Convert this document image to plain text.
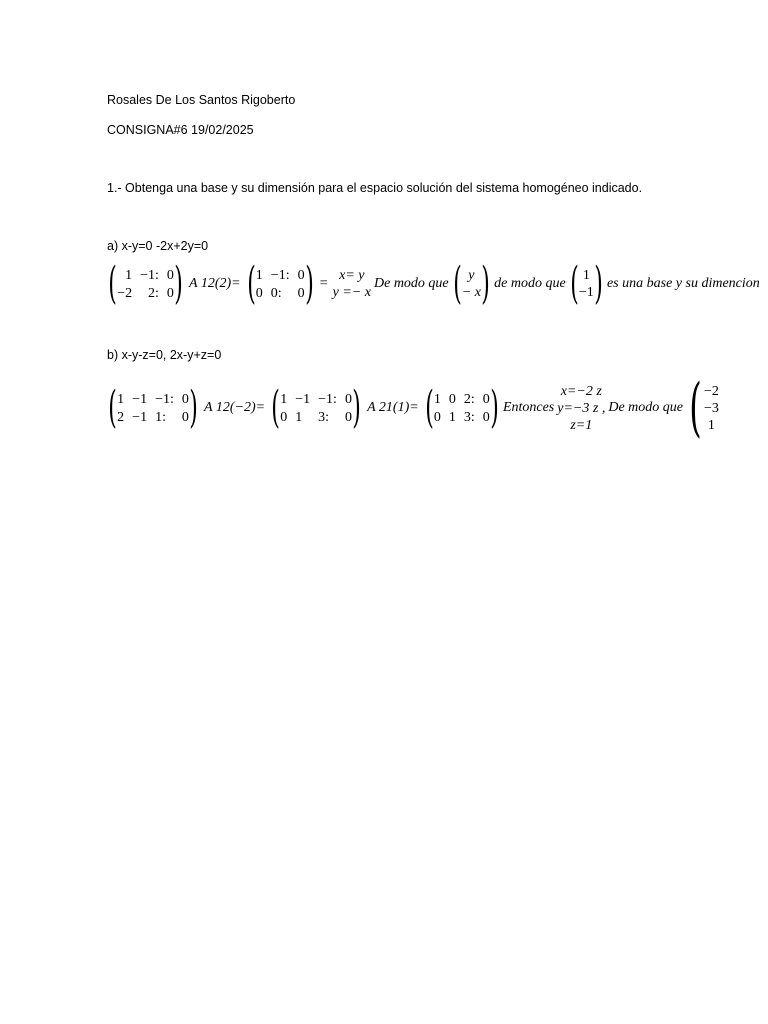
Rosales De Los Santos Rigoberto
CONSIGNA#6 19/02/2025
1.- Obtenga una base y su dimensión para el espacio solución del sistema homogéneo indicado.
a) x-y=0 -2x+2y=0
( 1 −1: 0
−2	2: 0 ) A 12(2)= ( 1 −1: 0
0 0:	0 ) =
x= y
y =− x
De modo que ( y
− x ) de modo que ( 1
−1 ) es una base y su dimencion
b) x-y-z=0, 2x-y+z=0
( 1 −1 −1: 0
2 −1 1:	0 ) A 12(−2)= ( 1 −1 −1: 0
0 1	3:	0 ) A 21(1)= ( 1 0 2: 0
0 1 3: 0 ) Entonces
x=−2 z
y=−3 z ,
z=1
De modo que ( −2
−3
1
